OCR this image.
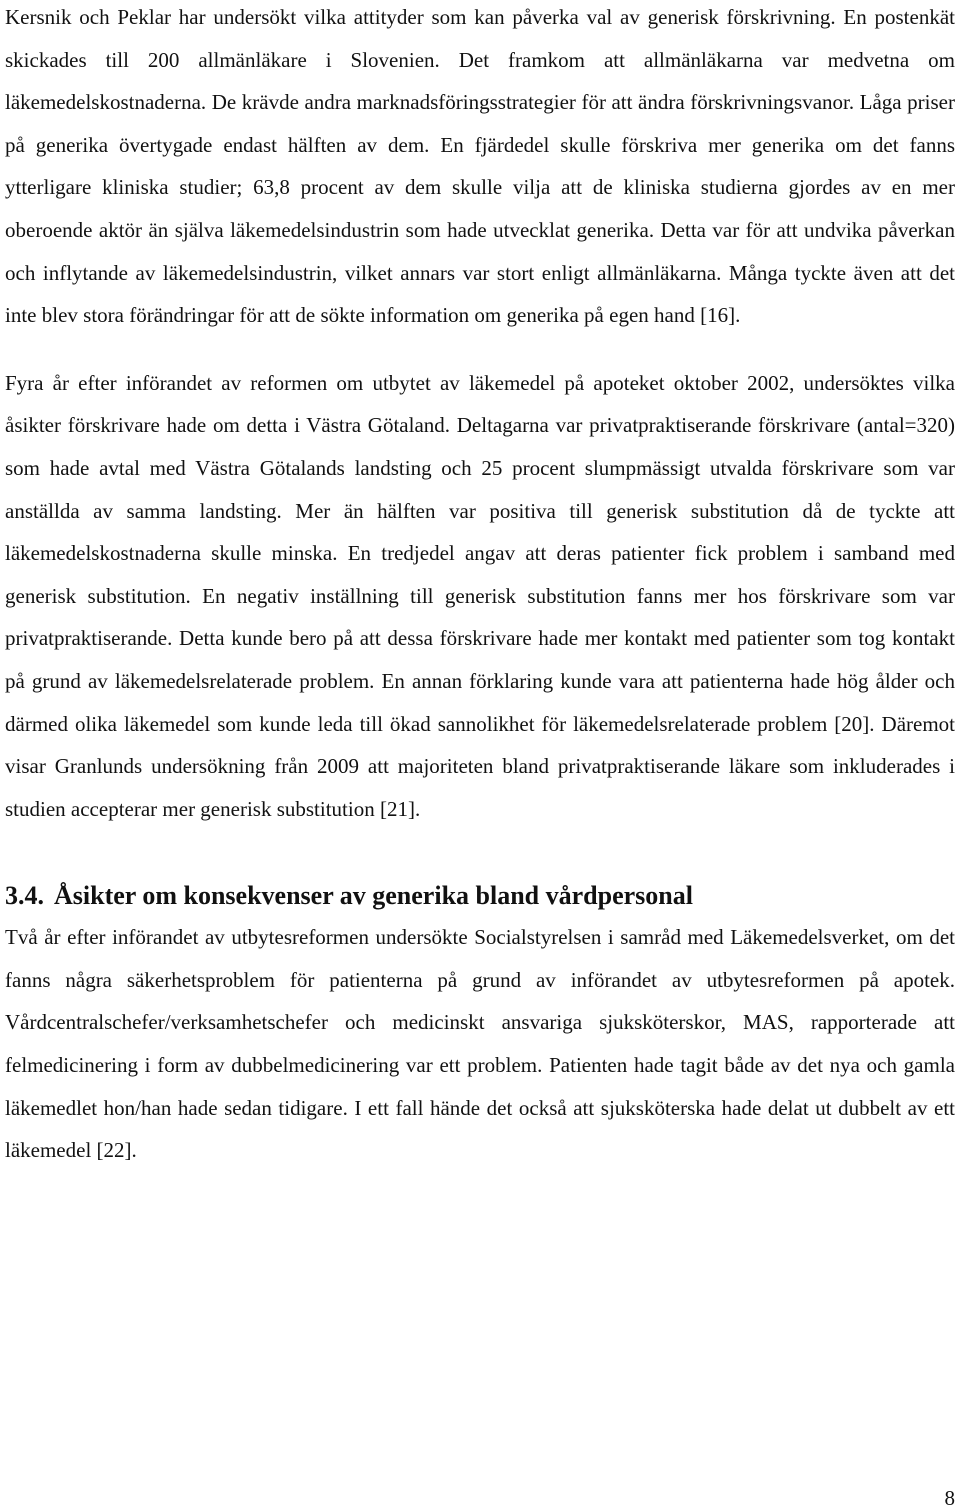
Kersnik och Peklar har undersökt vilka attityder som kan påverka val av generisk förskrivning. En postenkät skickades till 200 allmänläkare i Slovenien. Det framkom att allmänläkarna var medvetna om läkemedelskostnaderna. De krävde andra marknadsföringsstrategier för att ändra förskrivningsvanor. Låga priser på generika övertygade endast hälften av dem. En fjärdedel skulle förskriva mer generika om det fanns ytterligare kliniska studier; 63,8 procent av dem skulle vilja att de kliniska studierna gjordes av en mer oberoende aktör än själva läkemedelsindustrin som hade utvecklat generika. Detta var för att undvika påverkan och inflytande av läkemedelsindustrin, vilket annars var stort enligt allmänläkarna. Många tyckte även att det inte blev stora förändringar för att de sökte information om generika på egen hand [16].

Fyra år efter införandet av reformen om utbytet av läkemedel på apoteket oktober 2002, undersöktes vilka åsikter förskrivare hade om detta i Västra Götaland. Deltagarna var privatpraktiserande förskrivare (antal=320) som hade avtal med Västra Götalands landsting och 25 procent slumpmässigt utvalda förskrivare som var anställda av samma landsting. Mer än hälften var positiva till generisk substitution då de tyckte att läkemedelskostnaderna skulle minska. En tredjedel angav att deras patienter fick problem i samband med generisk substitution. En negativ inställning till generisk substitution fanns mer hos förskrivare som var privatpraktiserande. Detta kunde bero på att dessa förskrivare hade mer kontakt med patienter som tog kontakt på grund av läkemedelsrelaterade problem. En annan förklaring kunde vara att patienterna hade hög ålder och därmed olika läkemedel som kunde leda till ökad sannolikhet för läkemedelsrelaterade problem [20]. Däremot visar Granlunds undersökning från 2009 att majoriteten bland privatpraktiserande läkare som inkluderades i studien accepterar mer generisk substitution [21].

3.4. Åsikter om konsekvenser av generika bland vårdpersonal

Två år efter införandet av utbytesreformen undersökte Socialstyrelsen i samråd med Läkemedelsverket, om det fanns några säkerhetsproblem för patienterna på grund av införandet av utbytesreformen på apotek. Vårdcentralschefer/verksamhetschefer och medicinskt ansvariga sjuksköterskor, MAS, rapporterade att felmedicinering i form av dubbelmedicinering var ett problem. Patienten hade tagit både av det nya och gamla läkemedlet hon/han hade sedan tidigare. I ett fall hände det också att sjuksköterska hade delat ut dubbelt av ett läkemedel [22].

8
